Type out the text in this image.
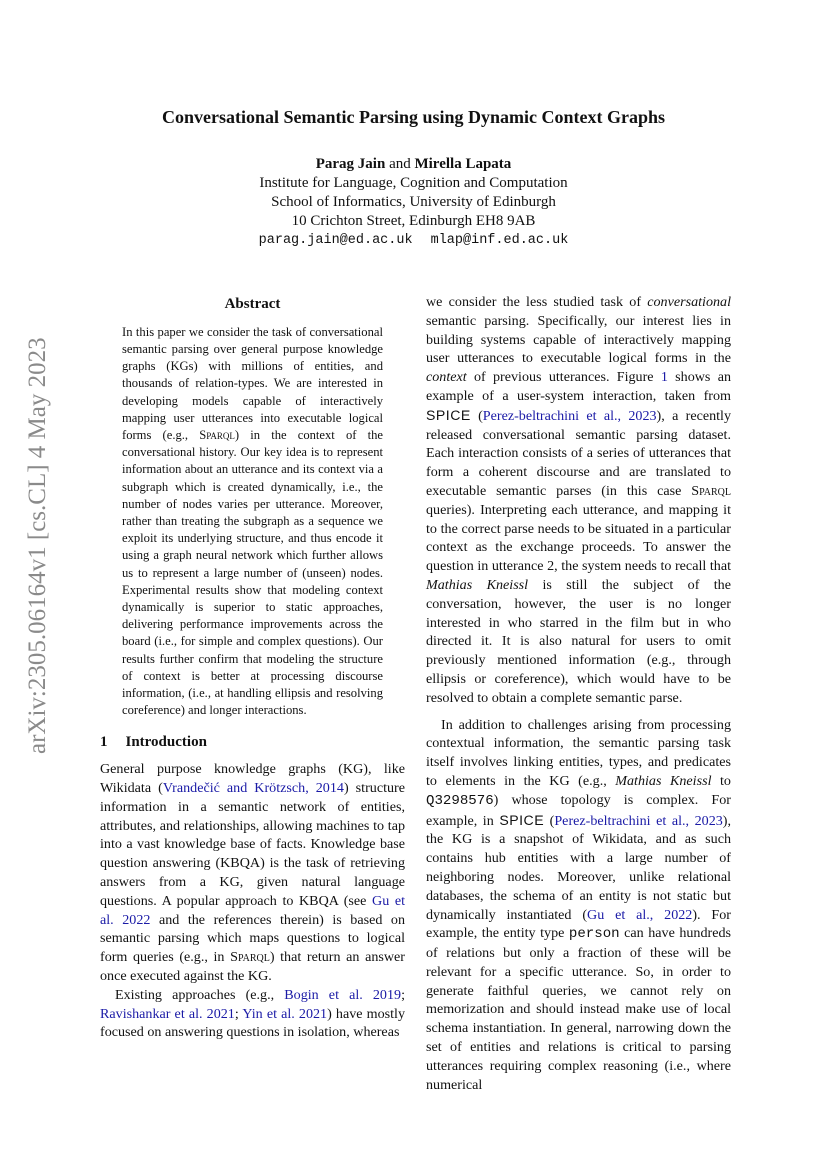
arXiv:2305.06164v1 [cs.CL] 4 May 2023
Conversational Semantic Parsing using Dynamic Context Graphs
Parag Jain and Mirella Lapata
Institute for Language, Cognition and Computation
School of Informatics, University of Edinburgh
10 Crichton Street, Edinburgh EH8 9AB
parag.jain@ed.ac.uk mlap@inf.ed.ac.uk
Abstract

In this paper we consider the task of conversational semantic parsing over general purpose knowledge graphs (KGs) with millions of entities, and thousands of relation-types. We are interested in developing models capable of interactively mapping user utterances into executable logical forms (e.g., Sparql) in the context of the conversational history. Our key idea is to represent information about an utterance and its context via a subgraph which is created dynamically, i.e., the number of nodes varies per utterance. Moreover, rather than treating the subgraph as a sequence we exploit its underlying structure, and thus encode it using a graph neural network which further allows us to represent a large number of (unseen) nodes. Experimental results show that modeling context dynamically is superior to static approaches, delivering performance improvements across the board (i.e., for simple and complex questions). Our results further confirm that modeling the structure of context is better at processing discourse information, (i.e., at handling ellipsis and resolving coreference) and longer interactions.

1 Introduction

General purpose knowledge graphs (KG), like Wikidata (Vrandečić and Krötzsch, 2014) structure information in a semantic network of entities, attributes, and relationships, allowing machines to tap into a vast knowledge base of facts. Knowledge base question answering (KBQA) is the task of retrieving answers from a KG, given natural language questions. A popular approach to KBQA (see Gu et al. 2022 and the references therein) is based on semantic parsing which maps questions to logical form queries (e.g., in Sparql) that return an answer once executed against the KG.

Existing approaches (e.g., Bogin et al. 2019; Ravishankar et al. 2021; Yin et al. 2021) have mostly focused on answering questions in isolation, whereas

we consider the less studied task of conversational semantic parsing. Specifically, our interest lies in building systems capable of interactively mapping user utterances to executable logical forms in the context of previous utterances. Figure 1 shows an example of a user-system interaction, taken from SPICE (Perez-beltrachini et al., 2023), a recently released conversational semantic parsing dataset. Each interaction consists of a series of utterances that form a coherent discourse and are translated to executable semantic parses (in this case Sparql queries). Interpreting each utterance, and mapping it to the correct parse needs to be situated in a particular context as the exchange proceeds. To answer the question in utterance 2, the system needs to recall that Mathias Kneissl is still the subject of the conversation, however, the user is no longer interested in who starred in the film but in who directed it. It is also natural for users to omit previously mentioned information (e.g., through ellipsis or coreference), which would have to be resolved to obtain a complete semantic parse.

In addition to challenges arising from processing contextual information, the semantic parsing task itself involves linking entities, types, and predicates to elements in the KG (e.g., Mathias Kneissl to Q3298576) whose topology is complex. For example, in SPICE (Perez-beltrachini et al., 2023), the KG is a snapshot of Wikidata, and as such contains hub entities with a large number of neighboring nodes. Moreover, unlike relational databases, the schema of an entity is not static but dynamically instantiated (Gu et al., 2022). For example, the entity type person can have hundreds of relations but only a fraction of these will be relevant for a specific utterance. So, in order to generate faithful queries, we cannot rely on memorization and should instead make use of local schema instantiation. In general, narrowing down the set of entities and relations is critical to parsing utterances requiring complex reasoning (i.e., where numerical
